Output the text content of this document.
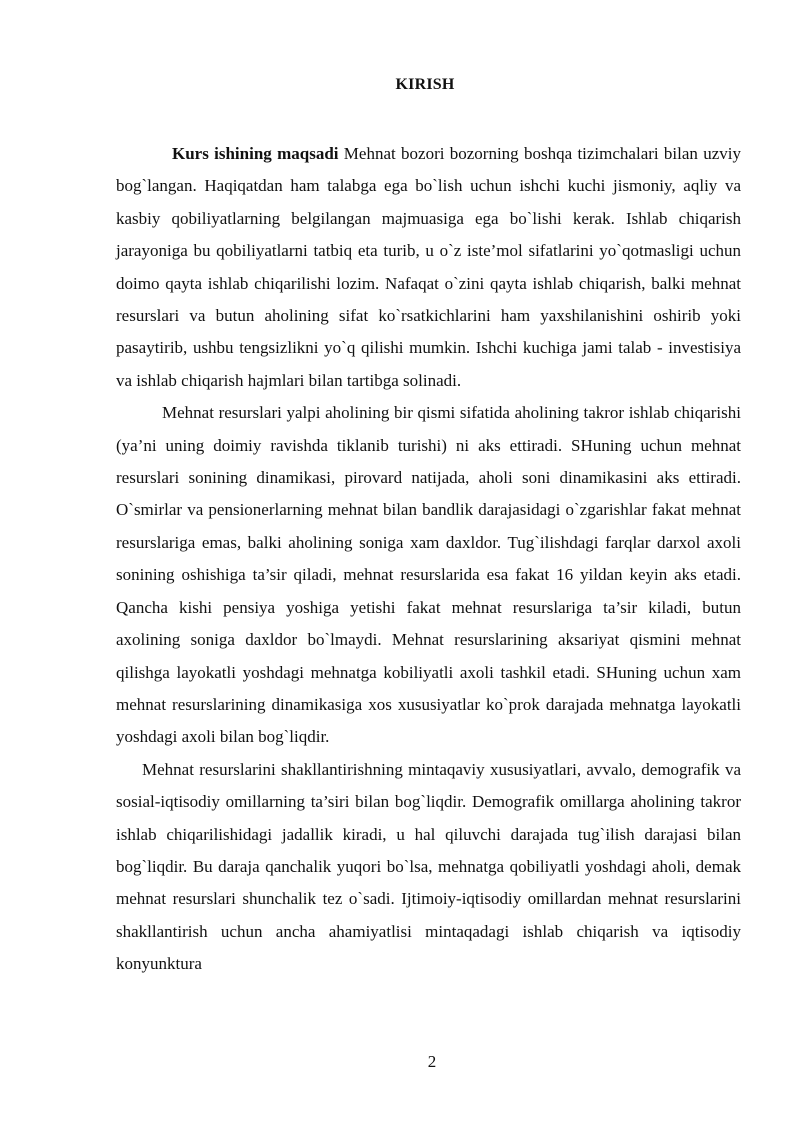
KIRISH

Kurs ishining maqsadi Mehnat bozori bozorning boshqa tizimchalari bilan uzviy bog`langan. Haqiqatdan ham talabga ega bo`lish uchun ishchi kuchi jismoniy, aqliy va kasbiy qobiliyatlarning belgilangan majmuasiga ega bo`lishi kerak. Ishlab chiqarish jarayoniga bu qobiliyatlarni tatbiq eta turib, u o`z iste’mol sifatlarini yo`qotmasligi uchun doimo qayta ishlab chiqarilishi lozim. Nafaqat o`zini qayta ishlab chiqarish, balki mehnat resurslari va butun aholining sifat ko`rsatkichlarini ham yaxshilanishini oshirib yoki pasaytirib, ushbu tengsizlikni yo`q qilishi mumkin. Ishchi kuchiga jami talab - investisiya va ishlab chiqarish hajmlari bilan tartibga solinadi.

Mehnat resurslari yalpi aholining bir qismi sifatida aholining takror ishlab chiqarishi (ya’ni uning doimiy ravishda tiklanib turishi) ni aks ettiradi. SHuning uchun mehnat resurslari sonining dinamikasi, pirovard natijada, aholi soni dinamikasini aks ettiradi. O`smirlar va pensionerlarning mehnat bilan bandlik darajasidagi o`zgarishlar fakat mehnat resurslariga emas, balki aholining soniga xam daxldor. Tug`ilishdagi farqlar darxol axoli sonining oshishiga ta’sir qiladi, mehnat resurslarida esa fakat 16 yildan keyin aks etadi. Qancha kishi pensiya yoshiga yetishi fakat mehnat resurslariga ta’sir kiladi, butun axolining soniga daxldor bo`lmaydi. Mehnat resurslarining aksariyat qismini mehnat qilishga layokatli yoshdagi mehnatga kobiliyatli axoli tashkil etadi. SHuning uchun xam mehnat resurslarining dinamikasiga xos xususiyatlar ko`prok darajada mehnatga layokatli yoshdagi axoli bilan bog`liqdir.

Mehnat resurslarini shakllantirishning mintaqaviy xususiyatlari, avvalo, demografik va sosial-iqtisodiy omillarning ta’siri bilan bog`liqdir. Demografik omillarga aholining takror ishlab chiqarilishidagi jadallik kiradi, u hal qiluvchi darajada tug`ilish darajasi bilan bog`liqdir. Bu daraja qanchalik yuqori bo`lsa, mehnatga qobiliyatli yoshdagi aholi, demak mehnat resurslari shunchalik tez o`sadi. Ijtimoiy-iqtisodiy omillardan mehnat resurslarini shakllantirish uchun ancha ahamiyatlisi mintaqadagi ishlab chiqarish va iqtisodiy konyunktura

2
